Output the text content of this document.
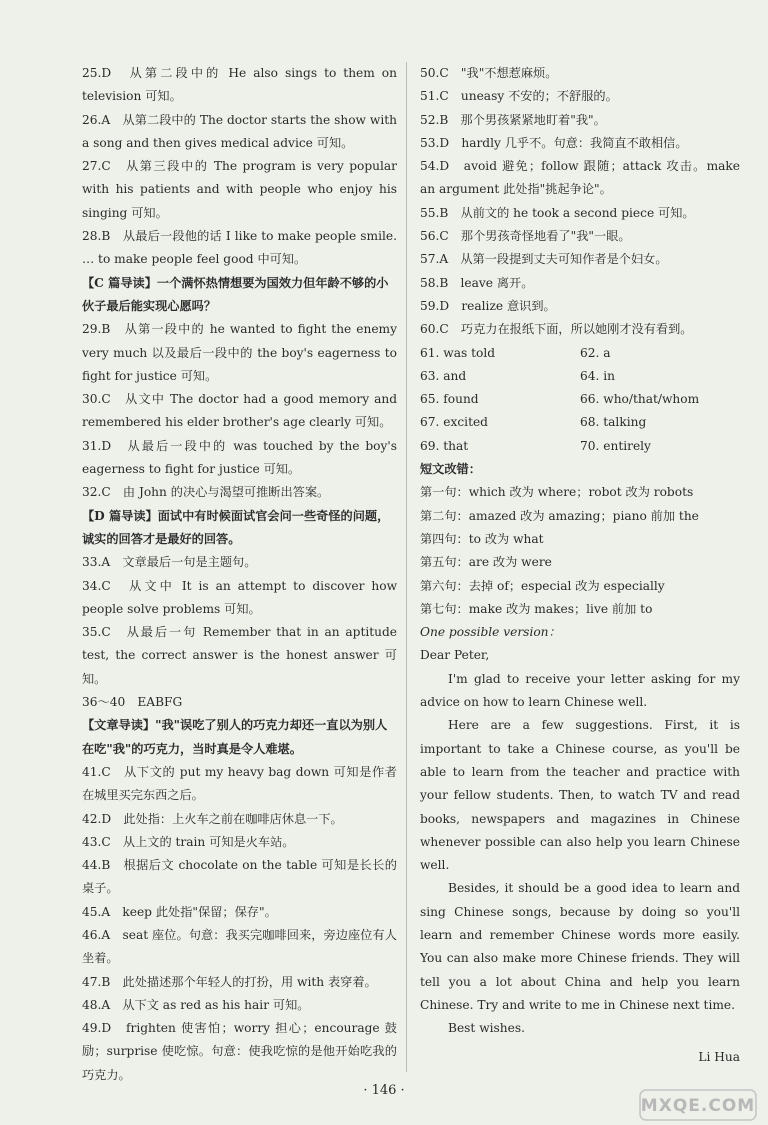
25.D　从第二段中的 He also sings to them on television 可知。
26.A　从第二段中的 The doctor starts the show with a song and then gives medical advice 可知。
27.C　从第三段中的 The program is very popular with his patients and with people who enjoy his singing 可知。
28.B　从最后一段他的话 I like to make people smile. … to make people feel good 中可知。
【C 篇导读】一个满怀热情想要为国效力但年龄不够的小伙子最后能实现心愿吗？
29.B　从第一段中的 he wanted to fight the enemy very much 以及最后一段中的 the boy's eagerness to fight for justice 可知。
30.C　从文中 The doctor had a good memory and remembered his elder brother's age clearly 可知。
31.D　从最后一段中的 was touched by the boy's eagerness to fight for justice 可知。
32.C　由 John 的决心与渴望可推断出答案。
【D 篇导读】面试中有时候面试官会问一些奇怪的问题，诚实的回答才是最好的回答。
33.A　文章最后一句是主题句。
34.C　从文中 It is an attempt to discover how people solve problems 可知。
35.C　从最后一句 Remember that in an aptitude test, the correct answer is the honest answer 可知。
36～40　EABFG
【文章导读】"我"误吃了别人的巧克力却还一直以为别人在吃"我"的巧克力，当时真是令人难堪。
41.C　从下文的 put my heavy bag down 可知是作者在城里买完东西之后。
42.D　此处指：上火车之前在咖啡店休息一下。
43.C　从上文的 train 可知是火车站。
44.B　根据后文 chocolate on the table 可知是长长的桌子。
45.A　keep 此处指"保留；保存"。
46.A　seat 座位。句意：我买完咖啡回来，旁边座位有人坐着。
47.B　此处描述那个年轻人的打扮，用 with 表穿着。
48.A　从下文 as red as his hair 可知。
49.D　frighten 使害怕；worry 担心；encourage 鼓励；surprise 使吃惊。句意：使我吃惊的是他开始吃我的巧克力。
50.C　"我"不想惹麻烦。
51.C　uneasy 不安的；不舒服的。
52.B　那个男孩紧紧地盯着"我"。
53.D　hardly 几乎不。句意：我简直不敢相信。
54.D　avoid 避免；follow 跟随；attack 攻击。make an argument 此处指"挑起争论"。
55.B　从前文的 he took a second piece 可知。
56.C　那个男孩奇怪地看了"我"一眼。
57.A　从第一段提到丈夫可知作者是个妇女。
58.B　leave 离开。
59.D　realize 意识到。
60.C　巧克力在报纸下面，所以她刚才没有看到。
61. was told	62. a
63. and	64. in
65. found	66. who/that/whom
67. excited	68. talking
69. that	70. entirely
短文改错：
第一句：which 改为 where；robot 改为 robots
第二句：amazed 改为 amazing；piano 前加 the
第四句：to 改为 what
第五句：are 改为 were
第六句：去掉 of；especial 改为 especially
第七句：make 改为 makes；live 前加 to
One possible version：
Dear Peter,
I'm glad to receive your letter asking for my advice on how to learn Chinese well.
Here are a few suggestions. First, it is important to take a Chinese course, as you'll be able to learn from the teacher and practice with your fellow students. Then, to watch TV and read books, newspapers and magazines in Chinese whenever possible can also help you learn Chinese well.
Besides, it should be a good idea to learn and sing Chinese songs, because by doing so you'll learn and remember Chinese words more easily. You can also make more Chinese friends. They will tell you a lot about China and help you learn Chinese. Try and write to me in Chinese next time.
Best wishes.
Li Hua
· 146 ·
MXQE.COM
